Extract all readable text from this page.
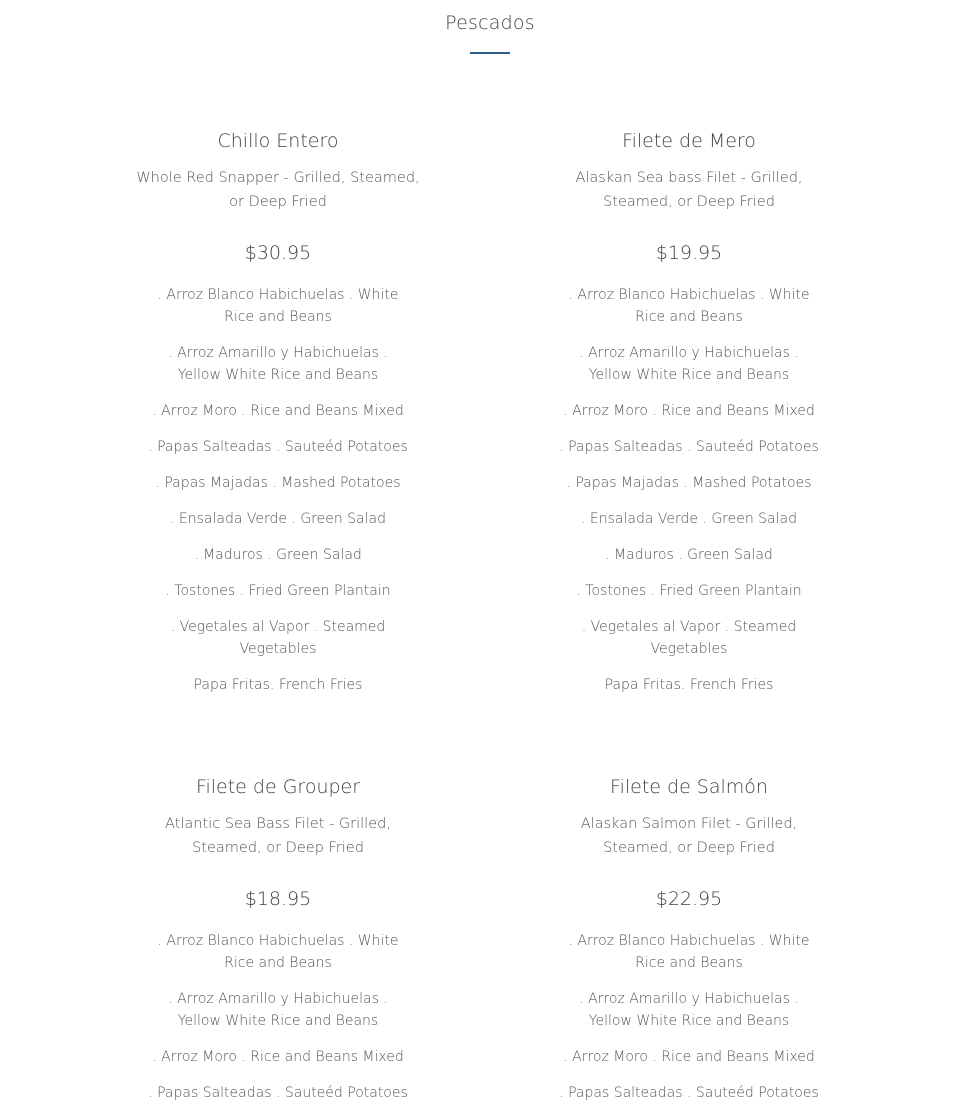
Pescados
Chillo Entero
Whole Red Snapper - Grilled, Steamed, or Deep Fried
$30.95
. Arroz Blanco Habichuelas . White Rice and Beans
. Arroz Amarillo y Habichuelas . Yellow White Rice and Beans
. Arroz Moro . Rice and Beans Mixed
. Papas Salteadas . Sauteéd Potatoes
. Papas Majadas . Mashed Potatoes
. Ensalada Verde . Green Salad
. Maduros . Green Salad
. Tostones . Fried Green Plantain
. Vegetales al Vapor . Steamed Vegetables
Papa Fritas. French Fries
Filete de Mero
Alaskan Sea bass Filet - Grilled, Steamed, or Deep Fried
$19.95
. Arroz Blanco Habichuelas . White Rice and Beans
. Arroz Amarillo y Habichuelas . Yellow White Rice and Beans
. Arroz Moro . Rice and Beans Mixed
. Papas Salteadas . Sauteéd Potatoes
. Papas Majadas . Mashed Potatoes
. Ensalada Verde . Green Salad
. Maduros . Green Salad
. Tostones . Fried Green Plantain
. Vegetales al Vapor . Steamed Vegetables
Papa Fritas. French Fries
Filete de Grouper
Atlantic Sea Bass Filet - Grilled, Steamed, or Deep Fried
$18.95
. Arroz Blanco Habichuelas . White Rice and Beans
. Arroz Amarillo y Habichuelas . Yellow White Rice and Beans
. Arroz Moro . Rice and Beans Mixed
. Papas Salteadas . Sauteéd Potatoes
Filete de Salmón
Alaskan Salmon Filet - Grilled, Steamed, or Deep Fried
$22.95
. Arroz Blanco Habichuelas . White Rice and Beans
. Arroz Amarillo y Habichuelas . Yellow White Rice and Beans
. Arroz Moro . Rice and Beans Mixed
. Papas Salteadas . Sauteéd Potatoes
